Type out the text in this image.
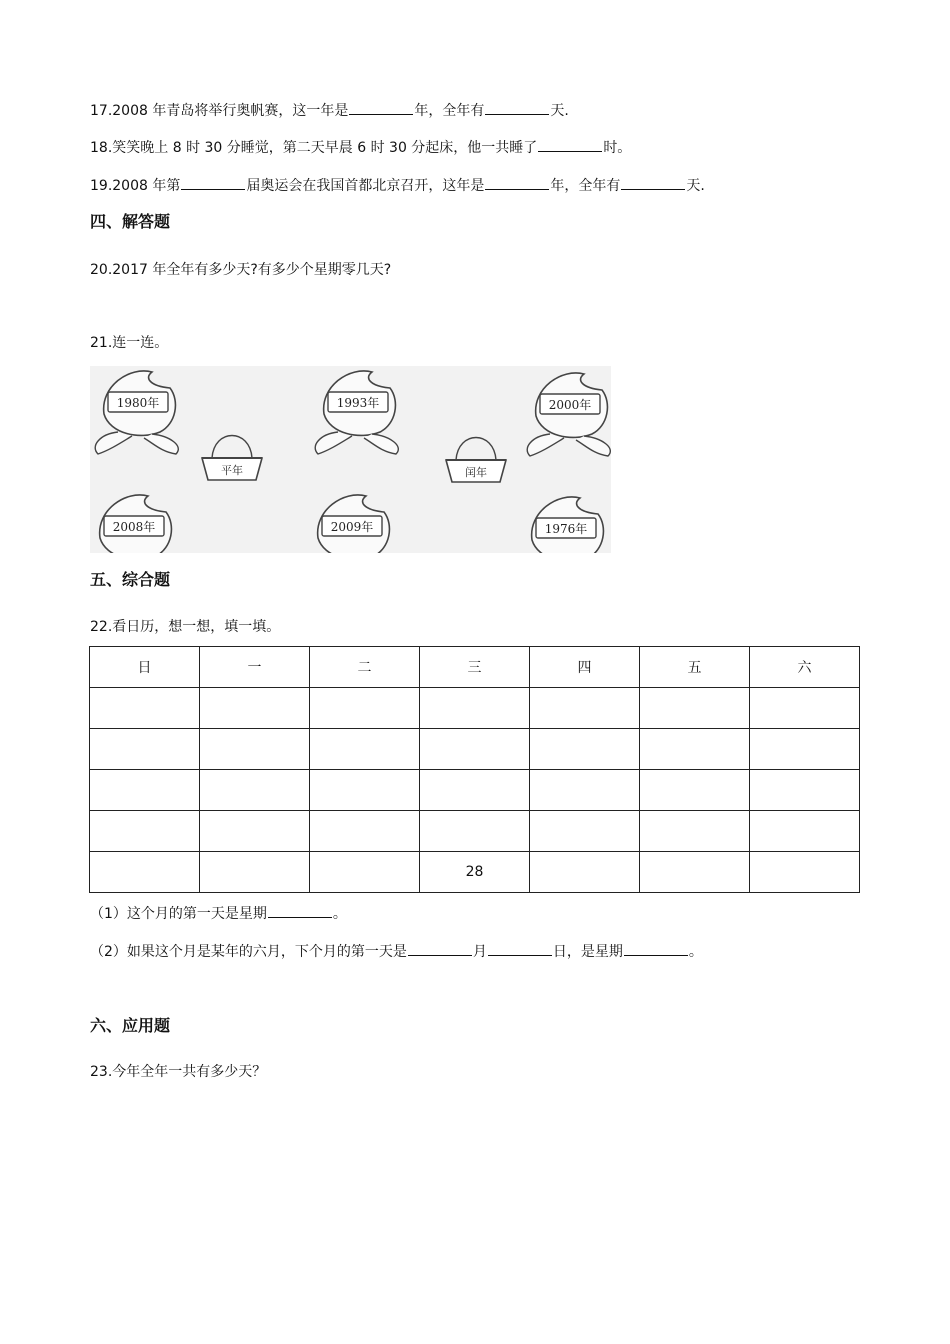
17.2008 年青岛将举行奥帆赛，这一年是	年，全年有	天.
18.笑笑晚上 8 时 30 分睡觉，第二天早晨 6 时 30 分起床，他一共睡了	时。
19.2008 年第	届奥运会在我国首都北京召开，这年是	年，全年有	天.
四、解答题
20.2017 年全年有多少天?有多少个星期零几天?
21.连一连。
1980年	1993年	2000年
2008年	2009年	1976年
平年	闰年
五、综合题
22.看日历，想一想，填一填。
日	一	二	三	四	五	六

			28			
（1）这个月的第一天是星期	。
（2）如果这个月是某年的六月，下个月的第一天是	月	日，是星期	。
六、应用题
23.今年全年一共有多少天？
